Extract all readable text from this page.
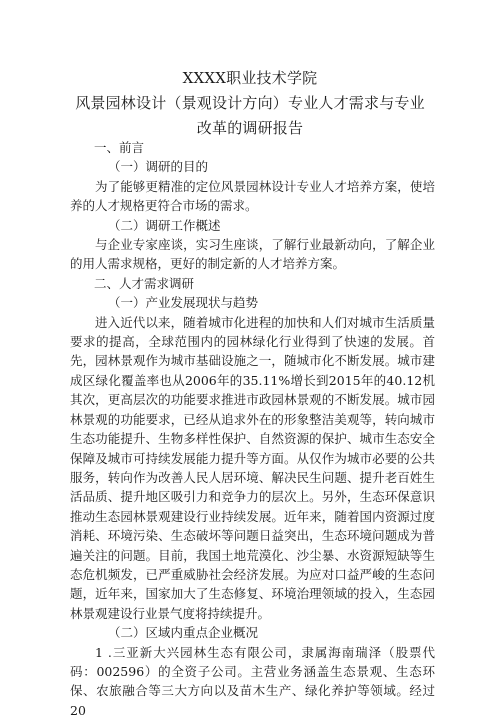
XXXX职业技术学院
风景园林设计（景观设计方向）专业人才需求与专业
改革的调研报告

一、前言

（一）调研的目的

为了能够更精准的定位风景园林设计专业人才培养方案，使培养的人才规格更符合市场的需求。

（二）调研工作概述

与企业专家座谈，实习生座谈，了解行业最新动向，了解企业的用人需求规格，更好的制定新的人才培养方案。

二、人才需求调研

（一）产业发展现状与趋势

进入近代以来，随着城市化进程的加快和人们对城市生活质量要求的提高，全球范围内的园林绿化行业得到了快速的发展。首先，园林景观作为城市基础设施之一，随城市化不断发展。城市建成区绿化覆盖率也从2006年的35.11%增长到2015年的40.12机其次，更高层次的功能要求推进市政园林景观的不断发展。城市园林景观的功能要求，已经从追求外在的形象整洁美观等，转向城市生态功能提升、生物多样性保护、自然资源的保护、城市生态安全保障及城市可持续发展能力提升等方面。从仅作为城市必要的公共服务，转向作为改善人民人居环境、解决民生问题、提升老百姓生活品质、提升地区吸引力和竞争力的层次上。另外，生态环保意识推动生态园林景观建设行业持续发展。近年来，随着国内资源过度消耗、环境污染、生态破坏等问题日益突出，生态环境问题成为普遍关注的问题。目前，我国土地荒漠化、沙尘暴、水资源短缺等生态危机频发，已严重威胁社会经济发展。为应对口益严峻的生态问题，近年来，国家加大了生态修复、环境治理领域的投入，生态园林景观建设行业景气度将持续提升。

（二）区域内重点企业概况

1 .三亚新大兴园林生态有限公司，隶属海南瑞泽（股票代码：002596）的全资子公司。主营业务涵盖生态景观、生态环保、农旅融合等三大方向以及苗木生产、绿化养护等领域。经过20
